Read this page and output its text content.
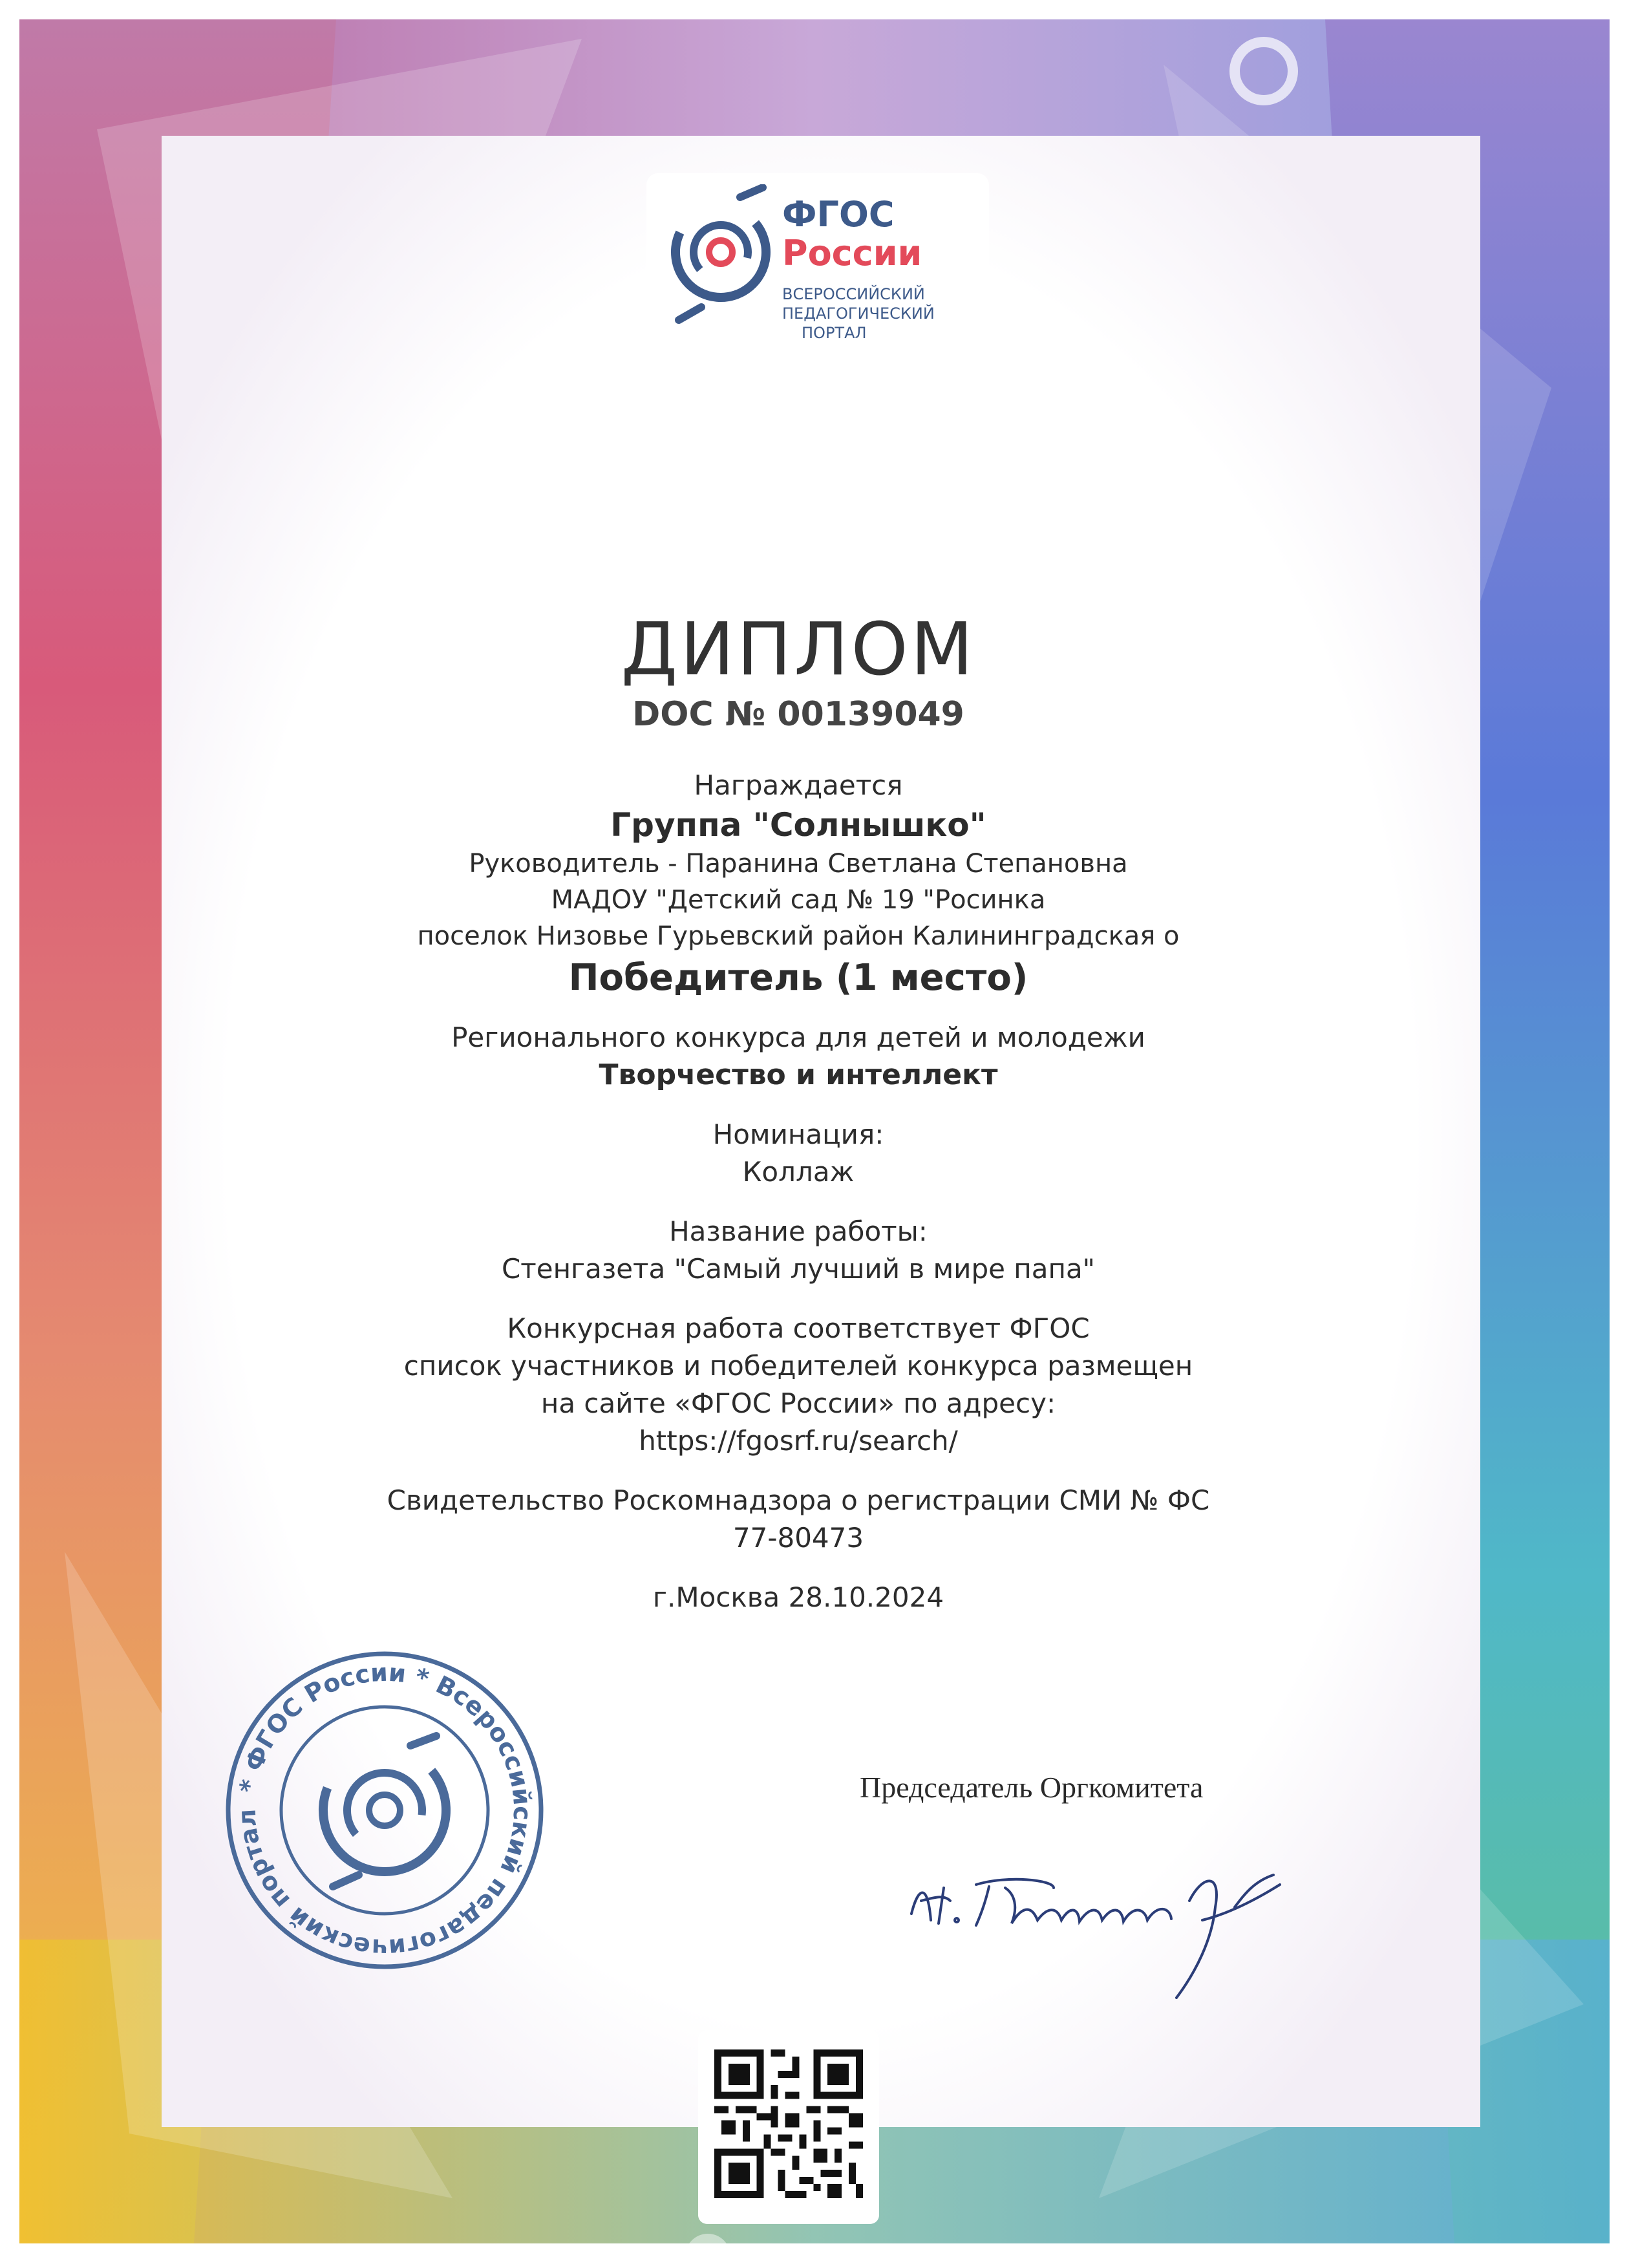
ФГОС
России
ВСЕРОССИЙСКИЙ
ПЕДАГОГИЧЕСКИЙ
ПОРТАЛ
ДИПЛОМ
DOC № 00139049
Награждается
Группа "Солнышко"
Руководитель - Паранина Светлана Степановна
МАДОУ "Детский сад № 19 "Росинка
поселок Низовье Гурьевский район Калининградская о
Победитель (1 место)
Регионального конкурса для детей и молодежи
Творчество и интеллект
Номинация:
Коллаж
Название работы:
Стенгазета "Самый лучший в мире папа"
Конкурсная работа соответствует ФГОС
список участников и победителей конкурса размещен
на сайте «ФГОС России» по адресу:
https://fgosrf.ru/search/
Свидетельство Роскомнадзора о регистрации СМИ № ФС
77-80473
г.Москва 28.10.2024
* ФГОС России * Всероссийский педагогический портал
Председатель Оргкомитета
